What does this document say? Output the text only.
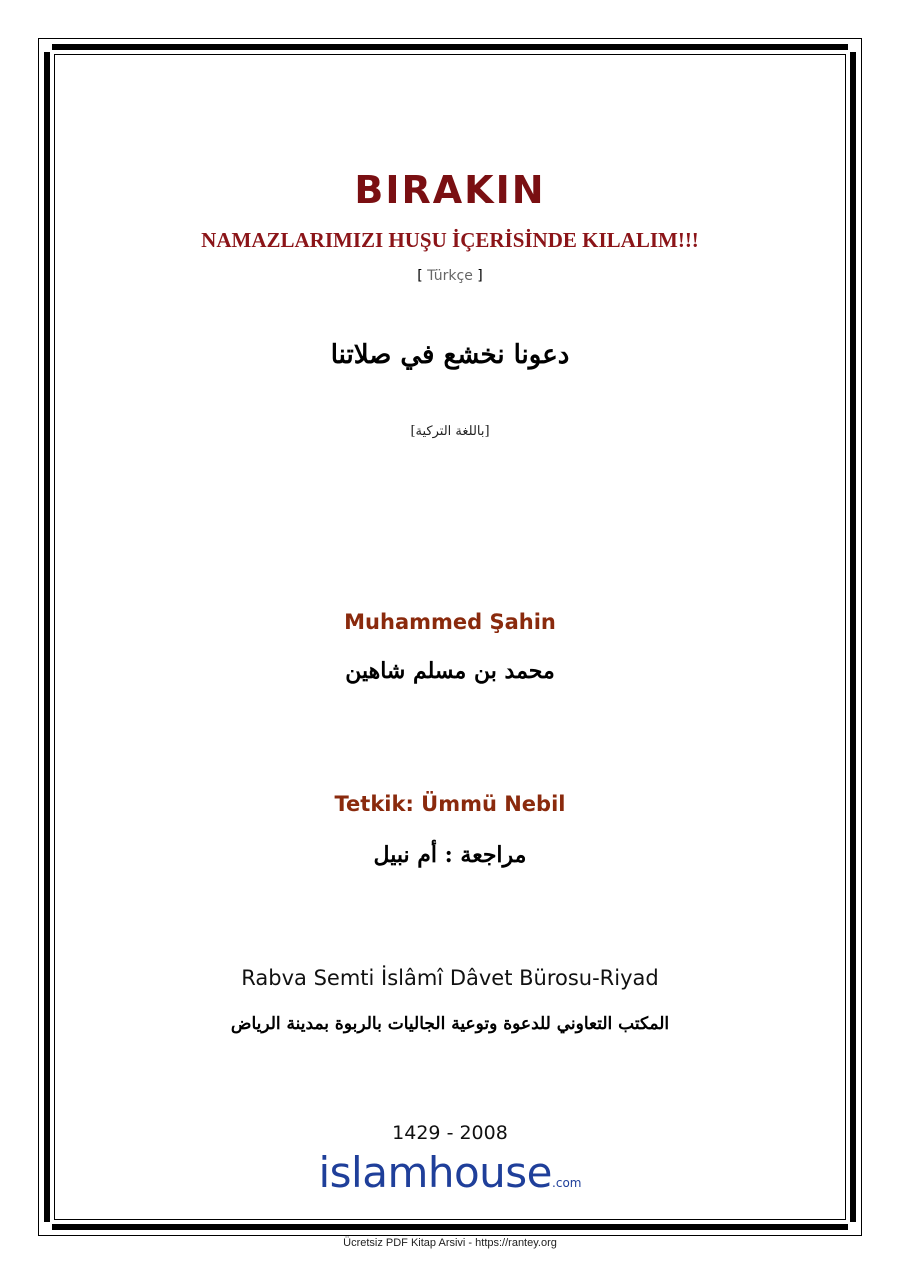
BIRAKIN
NAMAZLARIMIZI HUŞU İÇERİSİNDE KILALIM!!!
[ Türkçe ]
دعونا نخشع في صلاتنا
[باللغة التركية]
Muhammed Şahin
محمد بن مسلم شاهين
Tetkik: Ümmü Nebil
مراجعة : أم نبيل
Rabva Semti İslâmî Dâvet Bürosu-Riyad
المكتب التعاوني للدعوة وتوعية الجاليات بالربوة بمدينة الرياض
1429 - 2008
islamhouse.com
Ücretsiz PDF Kitap Arsivi - https://rantey.org
